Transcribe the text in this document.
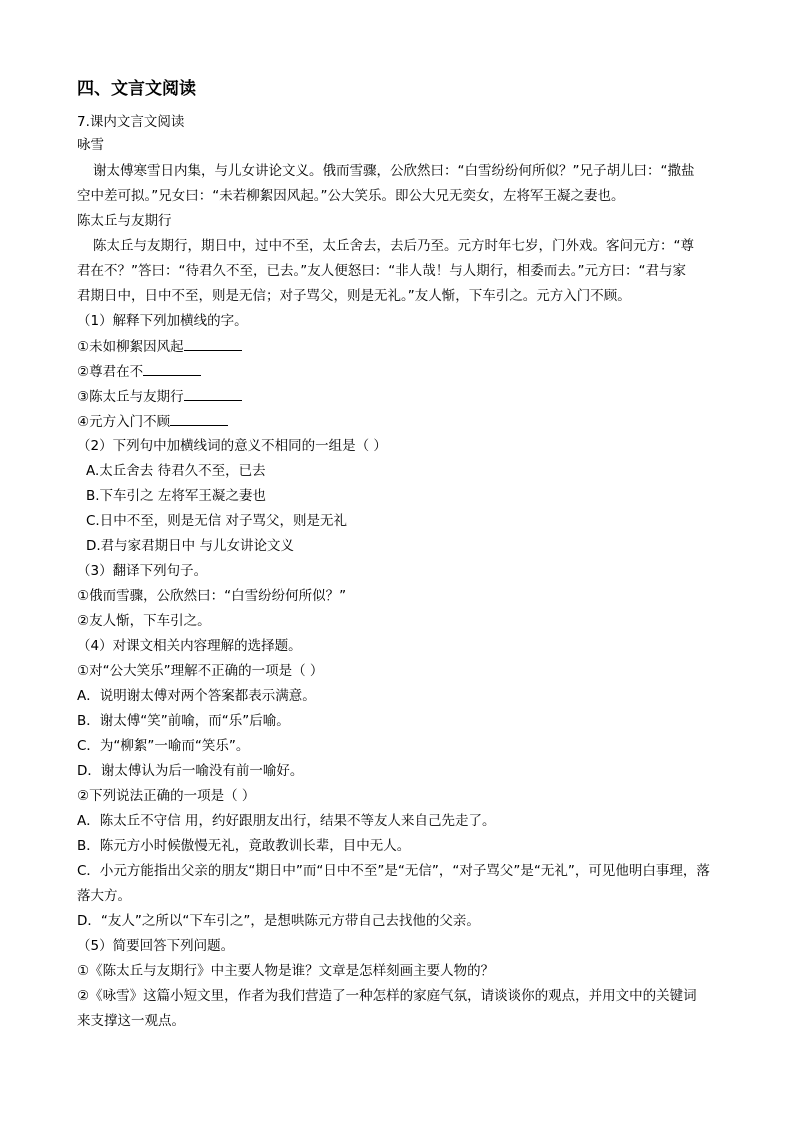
四、文言文阅读
7.课内文言文阅读
咏雪
谢太傅寒雪日内集，与儿女讲论文义。俄而雪骤，公欣然曰：“白雪纷纷何所似？”兄子胡儿曰：“撒盐
空中差可拟。”兄女曰：“未若柳絮因风起。”公大笑乐。即公大兄无奕女，左将军王凝之妻也。
陈太丘与友期行
陈太丘与友期行，期日中，过中不至，太丘舍去，去后乃至。元方时年七岁，门外戏。客问元方：“尊
君在不？”答曰：“待君久不至，已去。”友人便怒曰：“非人哉！与人期行，相委而去。”元方曰：“君与家
君期日中，日中不至，则是无信；对子骂父，则是无礼。”友人惭，下车引之。元方入门不顾。
（1）解释下列加横线的字。
①未如柳絮因风起
②尊君在不
③陈太丘与友期行
④元方入门不顾
（2）下列句中加横线词的意义不相同的一组是（ ）
A.太丘舍去 待君久不至，已去
B.下车引之 左将军王凝之妻也
C.日中不至，则是无信 对子骂父，则是无礼
D.君与家君期日中 与儿女讲论文义
（3）翻译下列句子。
①俄而雪骤，公欣然曰：“白雪纷纷何所似？”
②友人惭，下车引之。
（4）对课文相关内容理解的选择题。
①对“公大笑乐”理解不正确的一项是（ ）
A．说明谢太傅对两个答案都表示满意。
B．谢太傅“笑”前喻，而“乐”后喻。
C．为“柳絮”一喻而“笑乐”。
D．谢太傅认为后一喻没有前一喻好。
②下列说法正确的一项是（ ）
A．陈太丘不守信 用，约好跟朋友出行，结果不等友人来自己先走了。
B．陈元方小时候傲慢无礼，竟敢教训长辈，目中无人。
C．小元方能指出父亲的朋友“期日中”而“日中不至”是“无信”，“对子骂父”是“无礼”，可见他明白事理，落
落大方。
D．“友人”之所以“下车引之”，是想哄陈元方带自己去找他的父亲。
（5）简要回答下列问题。
①《陈太丘与友期行》中主要人物是谁？文章是怎样刻画主要人物的？
②《咏雪》这篇小短文里，作者为我们营造了一种怎样的家庭气氛，请谈谈你的观点，并用文中的关键词
来支撑这一观点。
